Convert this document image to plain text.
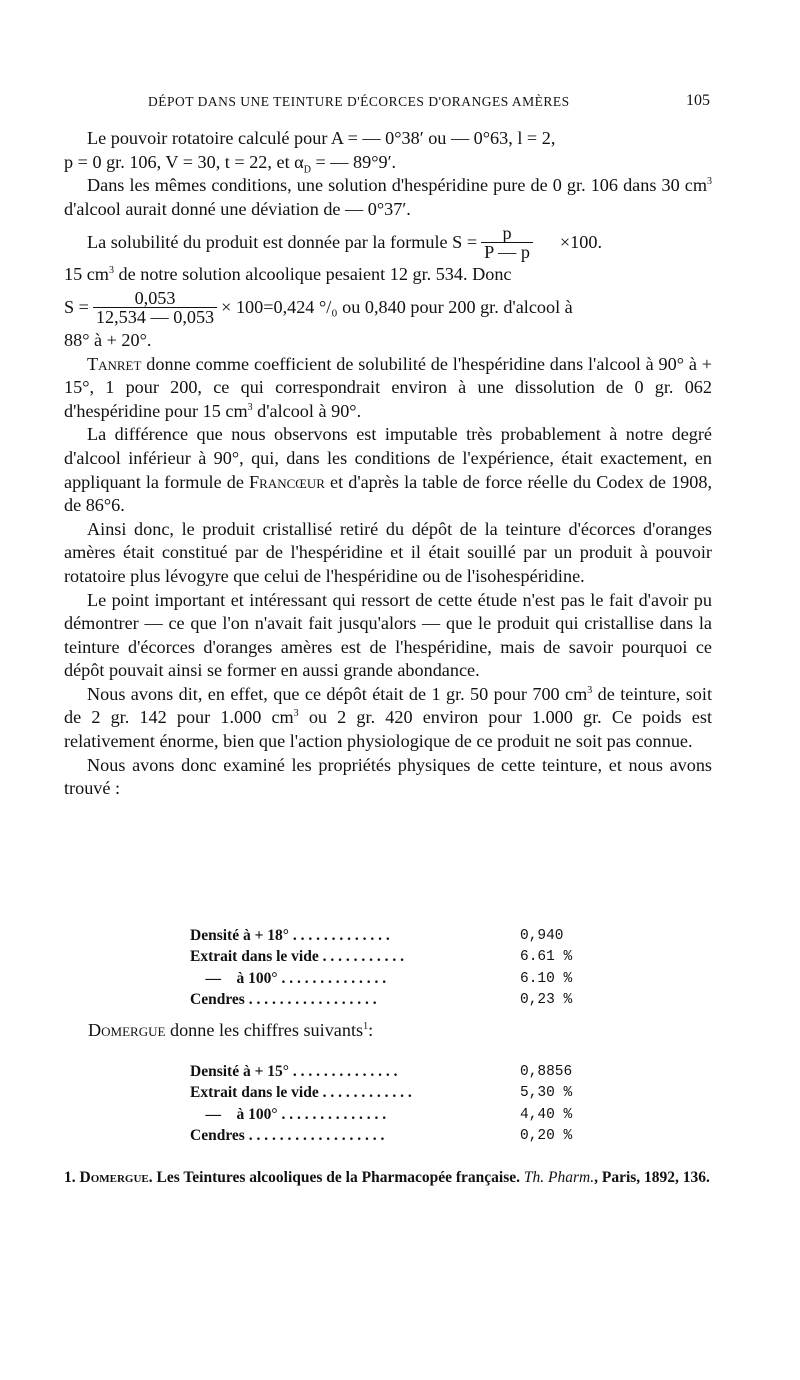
DÉPOT DANS UNE TEINTURE D'ÉCORCES D'ORANGES AMÈRES	105

Le pouvoir rotatoire calculé pour A = — 0°38′ ou — 0°63, l = 2,
p = 0 gr. 106, V = 30, t = 22, et $\alpha_D$ = — 89°9′.

Dans les mêmes conditions, une solution d'hespéridine pure de 0 gr. 106 dans 30 $cm^3$ d'alcool aurait donné une déviation de — 0°37′.

La solubilité du produit est donnée par la formule $S = \frac{p}{P — p}$	×100.

15 $cm^3$ de notre solution alcoolique pesaient 12 gr. 534. Donc

$S = \frac{0,053}{12,534 — 0,053} \times 100=0,424$ °/₀ ou 0,840 pour 200 gr. d'alcool à

88° à + 20°.

Tanret donne comme coefficient de solubilité de l'hespéridine dans l'alcool à 90° à + 15°, 1 pour 200, ce qui correspondrait environ à une dissolution de 0 gr. 062 d'hespéridine pour 15 $cm^3$ d'alcool à 90°.

La différence que nous observons est imputable très probablement à notre degré d'alcool inférieur à 90°, qui, dans les conditions de l'expérience, était exactement, en appliquant la formule de Francœur et d'après la table de force réelle du Codex de 1908, de 86°6.

Ainsi donc, le produit cristallisé retiré du dépôt de la teinture d'écorces d'oranges amères était constitué par de l'hespéridine et il était souillé par un produit à pouvoir rotatoire plus lévogyre que celui de l'hespéridine ou de l'isohespéridine.

Le point important et intéressant qui ressort de cette étude n'est pas le fait d'avoir pu démontrer — ce que l'on n'avait fait jusqu'alors — que le produit qui cristallise dans la teinture d'écorces d'oranges amères est de l'hespéridine, mais de savoir pourquoi ce dépôt pouvait ainsi se former en aussi grande abondance.

Nous avons dit, en effet, que ce dépôt était de 1 gr. 50 pour 700 $cm^3$ de teinture, soit de 2 gr. 142 pour 1.000 $cm^3$ ou 2 gr. 420 environ pour 1.000 gr. Ce poids est relativement énorme, bien que l'action physiologique de ce produit ne soit pas connue.

Nous avons donc examiné les propriétés physiques de cette teinture, et nous avons trouvé :

Densité à + 18° . . . . . . . . . . . . .	0,940
Extrait dans le vide . . . . . . . . . . .	6.61 %
—    à 100° . . . . . . . . . . . . . .	6.10 %
Cendres . . . . . . . . . . . . . . . . .	0,23 %
Domergue donne les chiffres suivants$^1$:
Densité à + 15° . . . . . . . . . . . . . .	0,8856
Extrait dans le vide . . . . . . . . . . . .	5,30 %
—    à 100° . . . . . . . . . . . . . .	4,40 %
Cendres . . . . . . . . . . . . . . . . . .	0,20 %
1. Domergue. Les Teintures alcooliques de la Pharmacopée française. Th. Pharm., Paris, 1892, 136.
